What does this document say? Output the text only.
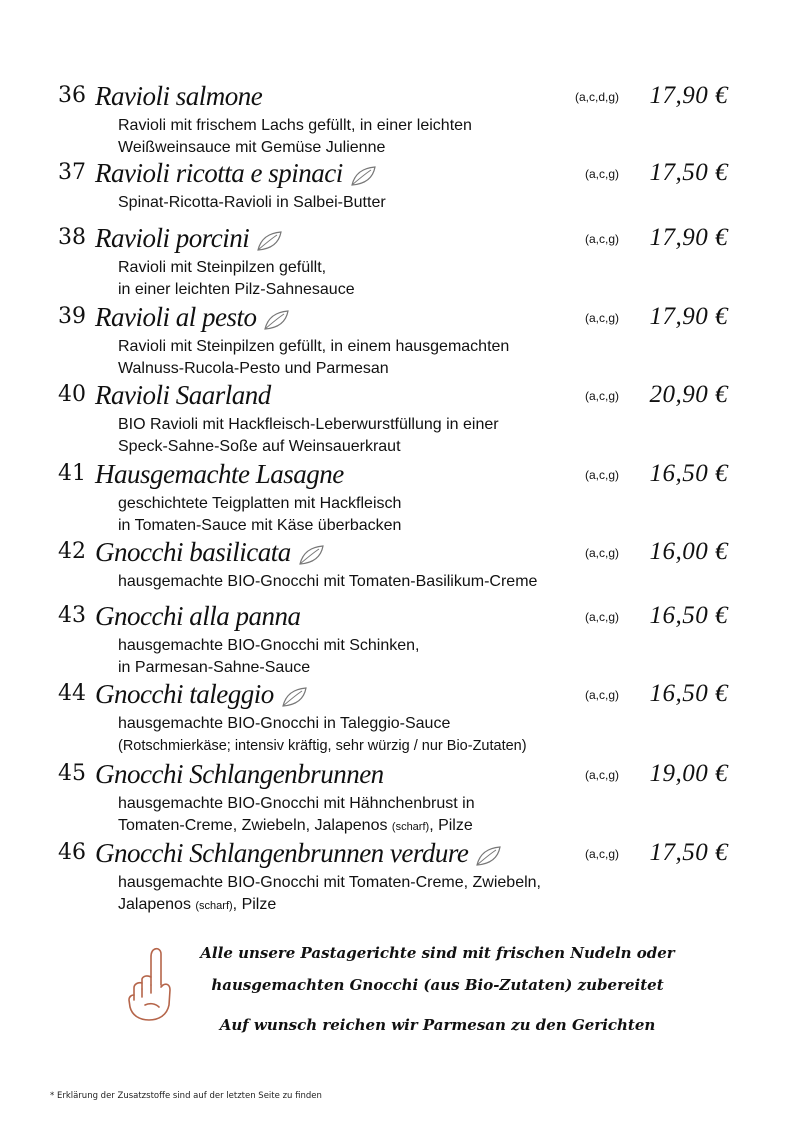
36 Ravioli salmone	(a,c,d,g) 17,90 €
Ravioli mit frischem Lachs gefüllt, in einer leichten
Weißweinsauce mit Gemüse Julienne
37 Ravioli ricotta e spinaci	(a,c,g) 17,50 €
Spinat-Ricotta-Ravioli in Salbei-Butter
38 Ravioli porcini	(a,c,g) 17,90 €
Ravioli mit Steinpilzen gefüllt,
in einer leichten Pilz-Sahnesauce
39 Ravioli al pesto	(a,c,g) 17,90 €
Ravioli mit Steinpilzen gefüllt, in einem hausgemachten
Walnuss-Rucola-Pesto und Parmesan
40 Ravioli Saarland	(a,c,g) 20,90 €
BIO Ravioli mit Hackfleisch-Leberwurstfüllung in einer
Speck-Sahne-Soße auf Weinsauerkraut
41 Hausgemachte Lasagne	(a,c,g) 16,50 €
geschichtete Teigplatten mit Hackfleisch
in Tomaten-Sauce mit Käse überbacken
42 Gnocchi basilicata	(a,c,g) 16,00 €
hausgemachte BIO-Gnocchi mit Tomaten-Basilikum-Creme
43 Gnocchi alla panna	(a,c,g) 16,50 €
hausgemachte BIO-Gnocchi mit Schinken,
in Parmesan-Sahne-Sauce
44 Gnocchi taleggio	(a,c,g) 16,50 €
hausgemachte BIO-Gnocchi in Taleggio-Sauce
(Rotschmierkäse; intensiv kräftig, sehr würzig / nur Bio-Zutaten)
45 Gnocchi Schlangenbrunnen	(a,c,g) 19,00 €
hausgemachte BIO-Gnocchi mit Hähnchenbrust in
Tomaten-Creme, Zwiebeln, Jalapenos (scharf), Pilze
46 Gnocchi Schlangenbrunnen verdure	(a,c,g) 17,50 €
hausgemachte BIO-Gnocchi mit Tomaten-Creme, Zwiebeln,
Jalapenos (scharf), Pilze
Alle unsere Pastagerichte sind mit frischen Nudeln oder
hausgemachten Gnocchi (aus Bio-Zutaten) zubereitet
Auf wunsch reichen wir Parmesan zu den Gerichten
* Erklärung der Zusatzstoffe sind auf der letzten Seite zu finden
